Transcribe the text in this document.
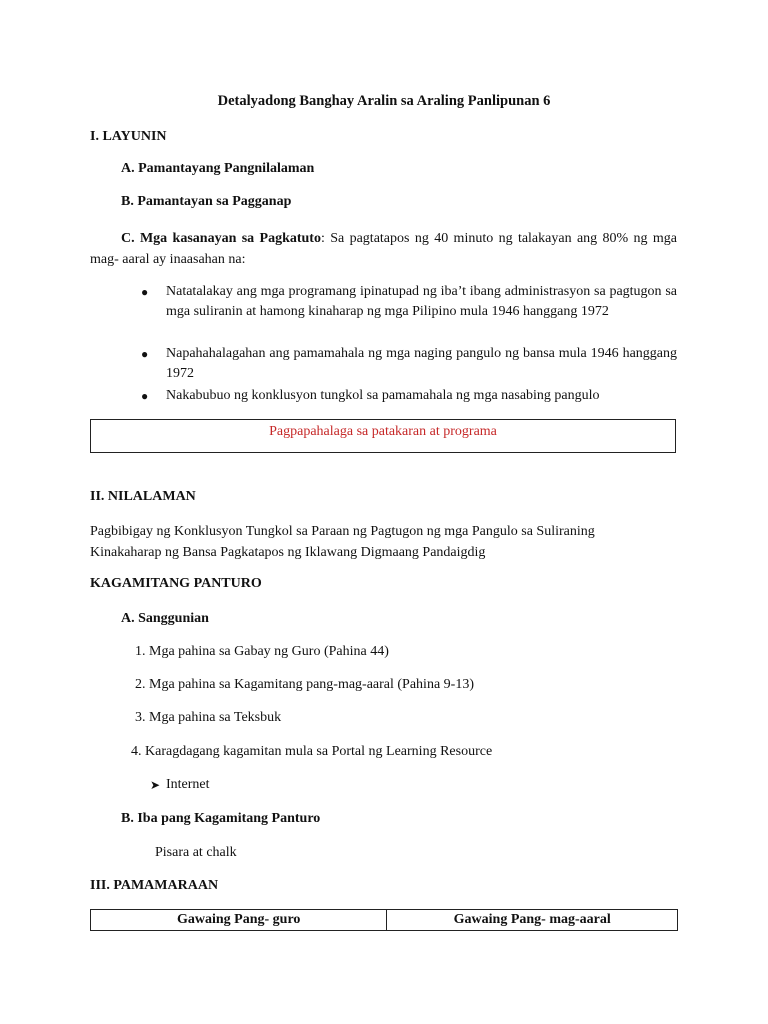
Detalyadong Banghay Aralin sa Araling Panlipunan 6
I. LAYUNIN
A. Pamantayang Pangnilalaman
B. Pamantayan sa Pagganap
C. Mga kasanayan sa Pagkatuto: Sa pagtatapos ng 40 minuto ng talakayan ang 80% ng mga mag- aaral ay inaasahan na:
● Natatalakay ang mga programang ipinatupad ng iba’t ibang administrasyon sa pagtugon sa mga suliranin at hamong kinaharap ng mga Pilipino mula 1946 hanggang 1972
● Napahahalagahan ang pamamahala ng mga naging pangulo ng bansa mula 1946 hanggang 1972
● Nakabubuo ng konklusyon tungkol sa pamamahala ng mga nasabing pangulo
Pagpapahalaga sa patakaran at programa
II. NILALAMAN
Pagbibigay ng Konklusyon Tungkol sa Paraan ng Pagtugon ng mga Pangulo sa Suliraning Kinakaharap ng Bansa Pagkatapos ng Iklawang Digmaang Pandaigdig
KAGAMITANG PANTURO
A. Sanggunian
1. Mga pahina sa Gabay ng Guro (Pahina 44)
2. Mga pahina sa Kagamitang pang-mag-aaral (Pahina 9-13)
3. Mga pahina sa Teksbuk
4. Karagdagang kagamitan mula sa Portal ng Learning Resource
➤ Internet
B. Iba pang Kagamitang Panturo
Pisara at chalk
III. PAMAMARAAN
Gawaing Pang- guro	Gawaing Pang- mag-aaral
